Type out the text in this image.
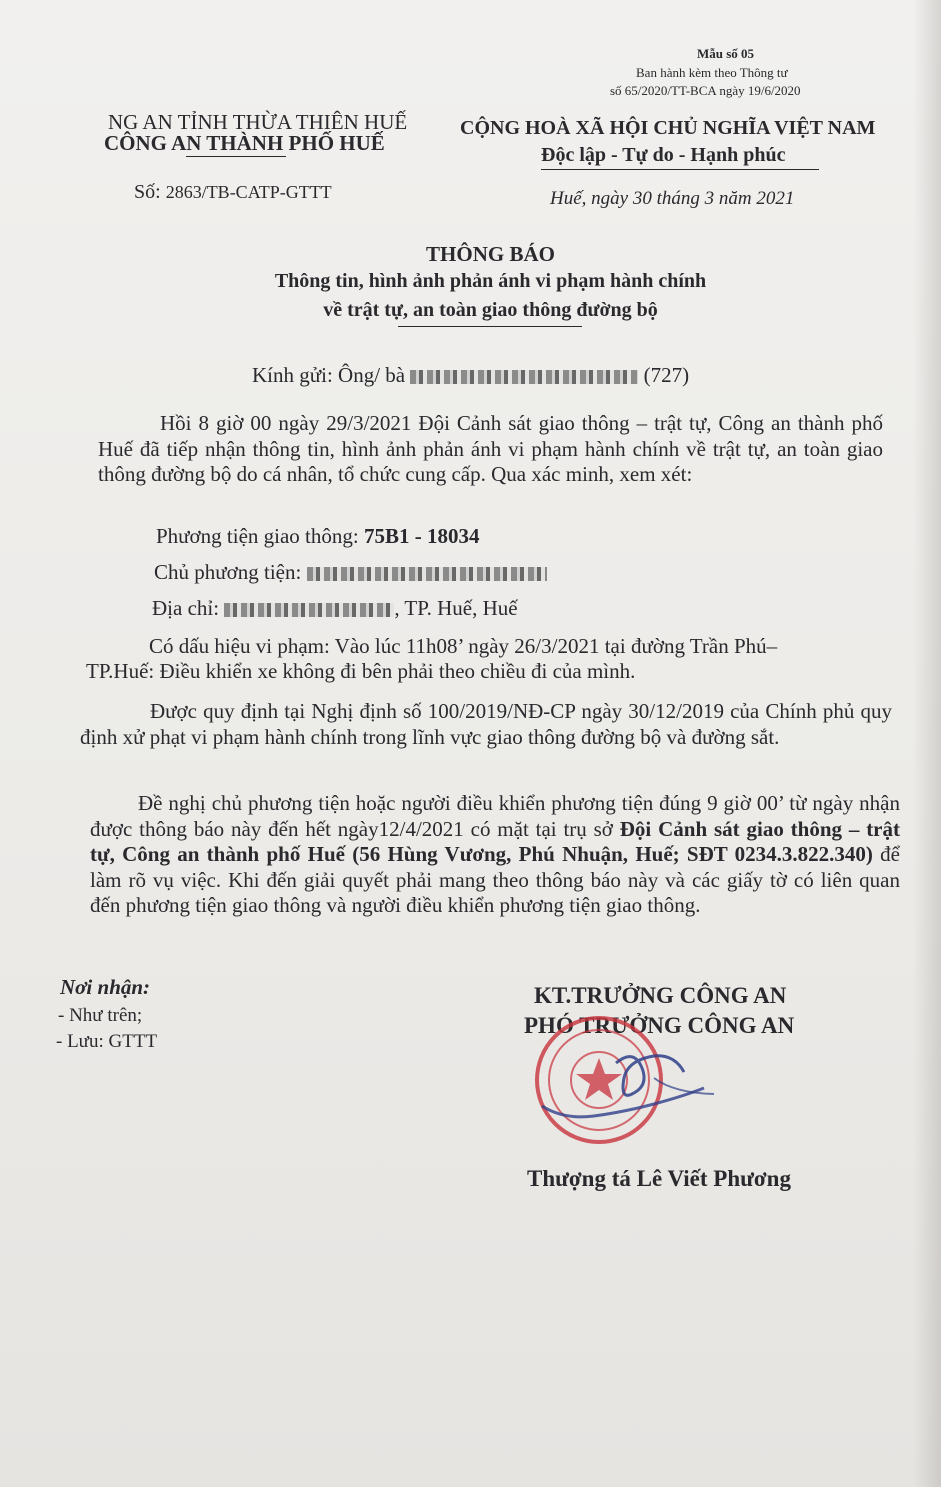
Mẫu số 05
Ban hành kèm theo Thông tư
số 65/2020/TT-BCA ngày 19/6/2020
NG AN TỈNH THỪA THIÊN HUẾ
CÔNG AN THÀNH PHỐ HUẾ
CỘNG HOÀ XÃ HỘI CHỦ NGHĨA VIỆT NAM
Độc lập - Tự do - Hạnh phúc
Số: 2863/TB-CATP-GTTT	Huế, ngày 30 tháng 3 năm 2021
THÔNG BÁO
Thông tin, hình ảnh phản ánh vi phạm hành chính
về trật tự, an toàn giao thông đường bộ
Kính gửi: Ông/ bà	(727)
Hồi 8 giờ 00 ngày 29/3/2021 Đội Cảnh sát giao thông – trật tự, Công an thành phố Huế đã tiếp nhận thông tin, hình ảnh phản ánh vi phạm hành chính về trật tự, an toàn giao thông đường bộ do cá nhân, tổ chức cung cấp. Qua xác minh, xem xét:
Phương tiện giao thông: 75B1 - 18034
Chủ phương tiện:
Địa chỉ:	, TP. Huế, Huế
Có dấu hiệu vi phạm: Vào lúc 11h08’ ngày 26/3/2021 tại đường Trần Phú–
TP.Huế: Điều khiển xe không đi bên phải theo chiều đi của mình.
Được quy định tại Nghị định số 100/2019/NĐ-CP ngày 30/12/2019 của Chính phủ quy định xử phạt vi phạm hành chính trong lĩnh vực giao thông đường bộ và đường sắt.
Đề nghị chủ phương tiện hoặc người điều khiển phương tiện đúng 9 giờ 00’ từ ngày nhận được thông báo này đến hết ngày12/4/2021 có mặt tại trụ sở Đội Cảnh sát giao thông – trật tự, Công an thành phố Huế (56 Hùng Vương, Phú Nhuận, Huế; SĐT 0234.3.822.340) để làm rõ vụ việc. Khi đến giải quyết phải mang theo thông báo này và các giấy tờ có liên quan đến phương tiện giao thông và người điều khiển phương tiện giao thông.
Nơi nhận:
- Như trên;
- Lưu: GTTT
KT.TRƯỞNG CÔNG AN
PHÓ TRƯỞNG CÔNG AN
Thượng tá Lê Viết Phương
